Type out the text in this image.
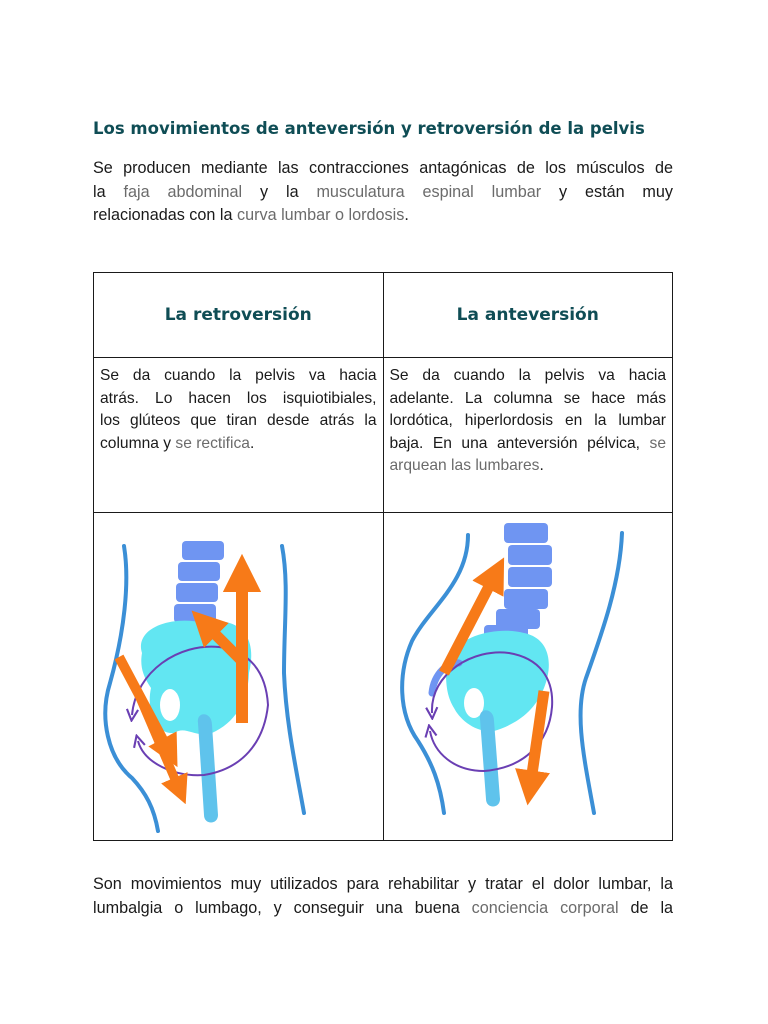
Los movimientos de anteversión y retroversión de la pelvis
Se producen mediante las contracciones antagónicas de los músculos de
la faja abdominal y la musculatura espinal lumbar y están muy
relacionadas con la curva lumbar o lordosis.
La retroversión	La anteversión

Se da cuando la pelvis va hacia
atrás. Lo hacen los isquiotibiales,
los glúteos que tiran desde atrás la
columna y se rectifica.	Se da cuando la pelvis va hacia
adelante. La columna se hace más
lordótica, hiperlordosis en la lumbar
baja. En una anteversión pélvica, se
arquean las lumbares.

Son movimientos muy utilizados para rehabilitar y tratar el dolor lumbar, la
lumbalgia o lumbago, y conseguir una buena conciencia corporal de la
